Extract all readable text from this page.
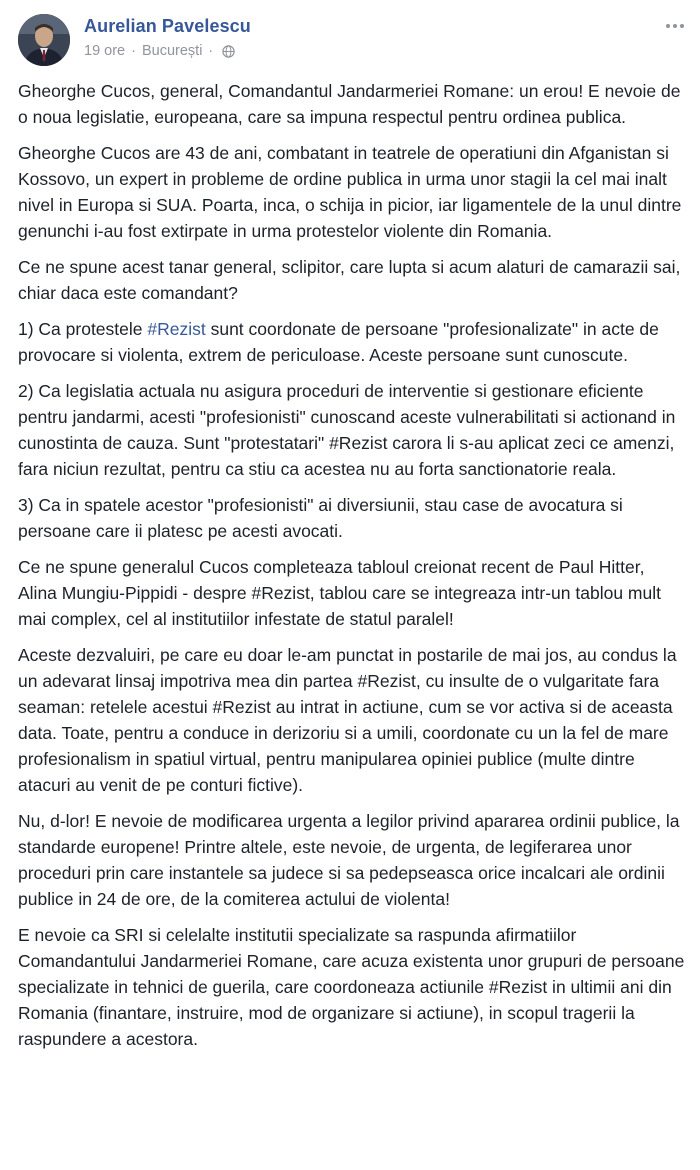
Aurelian Pavelescu
19 ore · București ·

Gheorghe Cucos, general, Comandantul Jandarmeriei Romane: un erou! E nevoie de o noua legislatie, europeana, care sa impuna respectul pentru ordinea publica.

Gheorghe Cucos are 43 de ani, combatant in teatrele de operatiuni din Afganistan si Kossovo, un expert in probleme de ordine publica in urma unor stagii la cel mai inalt nivel in Europa si SUA. Poarta, inca, o schija in picior, iar ligamentele de la unul dintre genunchi i-au fost extirpate in urma protestelor violente din Romania.

Ce ne spune acest tanar general, sclipitor, care lupta si acum alaturi de camarazii sai, chiar daca este comandant?

1) Ca protestele #Rezist sunt coordonate de persoane "profesionalizate" in acte de provocare si violenta, extrem de periculoase. Aceste persoane sunt cunoscute.

2) Ca legislatia actuala nu asigura proceduri de interventie si gestionare eficiente pentru jandarmi, acesti "profesionisti" cunoscand aceste vulnerabilitati si actionand in cunostinta de cauza. Sunt "protestatari" #Rezist carora li s-au aplicat zeci ce amenzi, fara niciun rezultat, pentru ca stiu ca acestea nu au forta sanctionatorie reala.

3) Ca in spatele acestor "profesionisti" ai diversiunii, stau case de avocatura si persoane care ii platesc pe acesti avocati.

Ce ne spune generalul Cucos completeaza tabloul creionat recent de Paul Hitter, Alina Mungiu-Pippidi - despre #Rezist, tablou care se integreaza intr-un tablou mult mai complex, cel al institutiilor infestate de statul paralel!

Aceste dezvaluiri, pe care eu doar le-am punctat in postarile de mai jos, au condus la un adevarat linsaj impotriva mea din partea #Rezist, cu insulte de o vulgaritate fara seaman: retelele acestui #Rezist au intrat in actiune, cum se vor activa si de aceasta data. Toate, pentru a conduce in derizoriu si a umili, coordonate cu un la fel de mare profesionalism in spatiul virtual, pentru manipularea opiniei publice (multe dintre atacuri au venit de pe conturi fictive).

Nu, d-lor! E nevoie de modificarea urgenta a legilor privind apararea ordinii publice, la standarde europene! Printre altele, este nevoie, de urgenta, de legiferarea unor proceduri prin care instantele sa judece si sa pedepseasca orice incalcari ale ordinii publice in 24 de ore, de la comiterea actului de violenta!

E nevoie ca SRI si celelalte institutii specializate sa raspunda afirmatiilor Comandantului Jandarmeriei Romane, care acuza existenta unor grupuri de persoane specializate in tehnici de guerila, care coordoneaza actiunile #Rezist in ultimii ani din Romania (finantare, instruire, mod de organizare si actiune), in scopul tragerii la raspundere a acestora.
